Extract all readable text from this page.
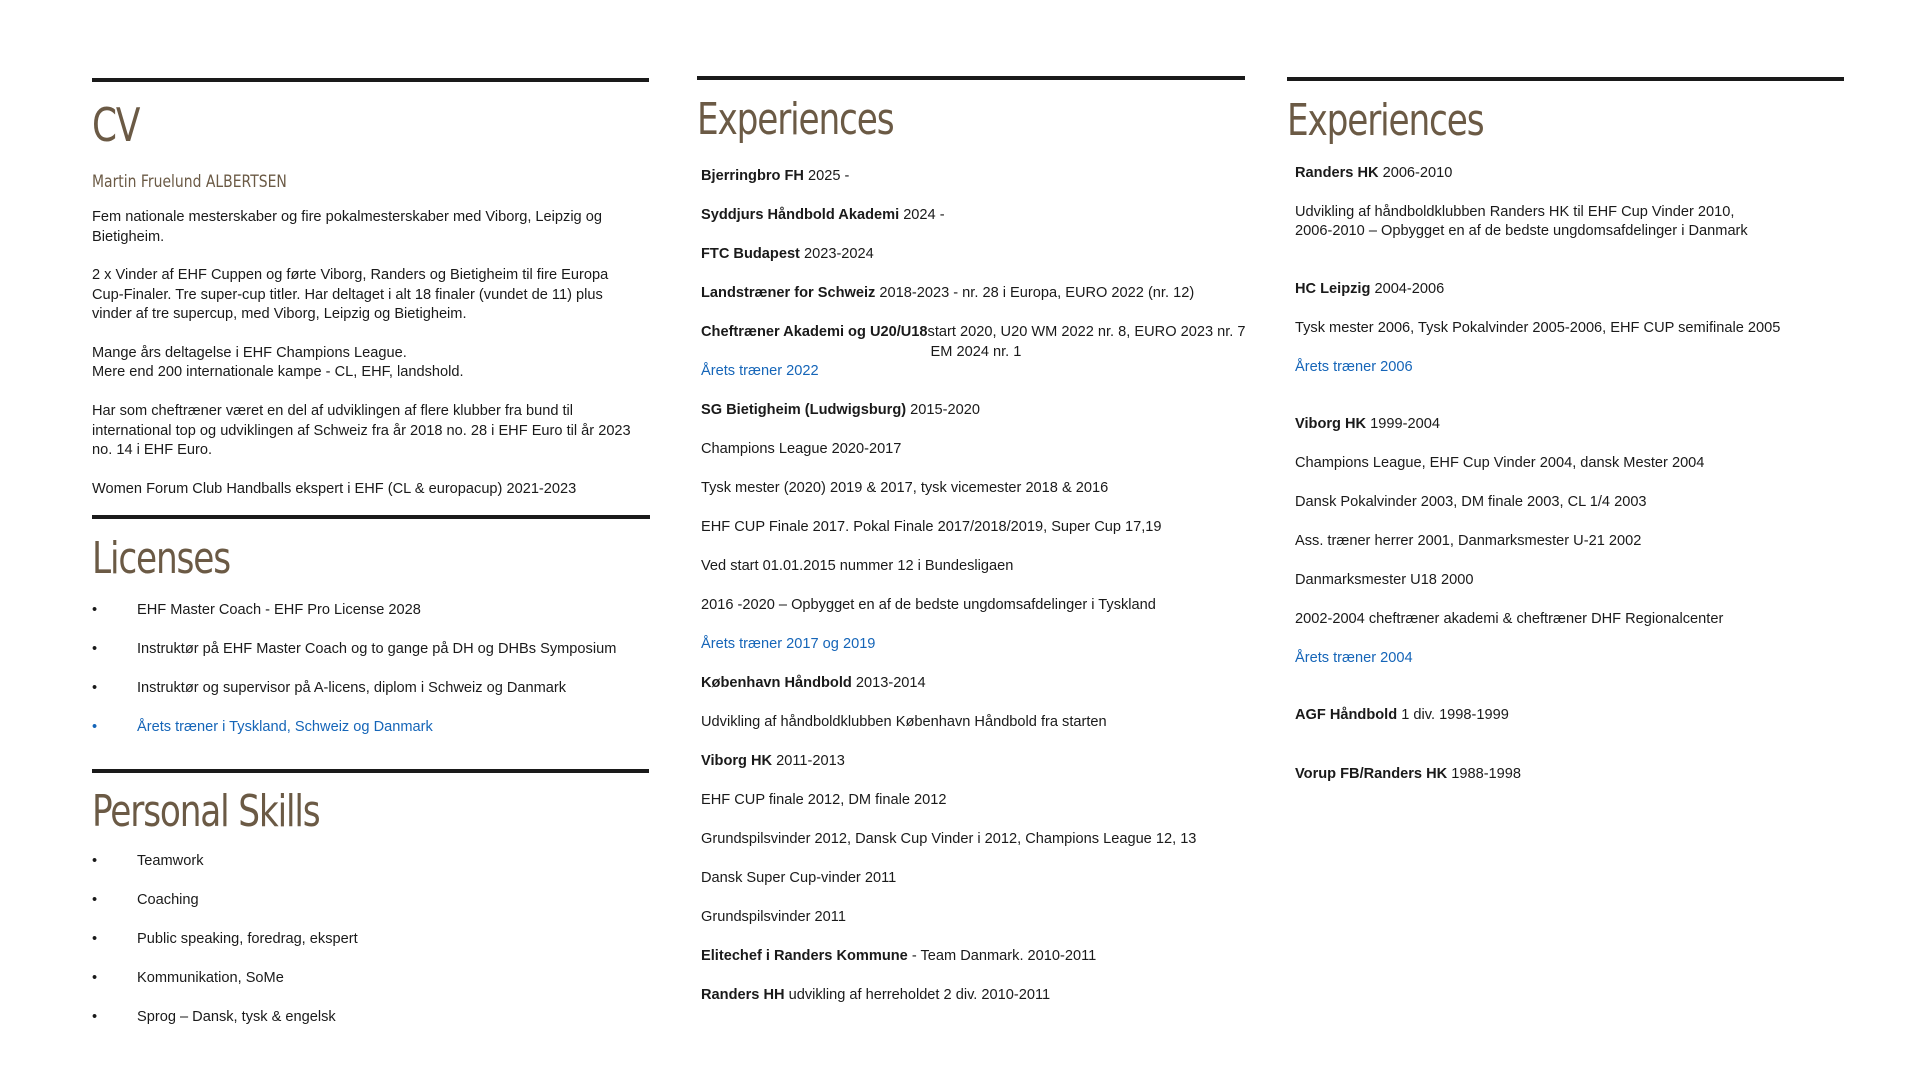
CV
Martin Fruelund ALBERTSEN

Fem nationale mesterskaber og fire pokalmesterskaber med Viborg, Leipzig og Bietigheim.

2 x Vinder af EHF Cuppen og førte Viborg, Randers og Bietigheim til fire Europa Cup-Finaler. Tre super-cup titler. Har deltaget i alt 18 finaler (vundet de 11) plus vinder af tre supercup, med Viborg, Leipzig og Bietigheim.

Mange års deltagelse i EHF Champions League.

Mere end 200 internationale kampe - CL, EHF, landshold.

Har som cheftræner været en del af udviklingen af flere klubber fra bund til international top og udviklingen af Schweiz fra år 2018 no. 28 i EHF Euro til år 2023 no. 14 i EHF Euro.

Women Forum Club Handballs ekspert i EHF (CL & europacup) 2021-2023

Licenses
•	EHF Master Coach - EHF Pro License 2028
•	Instruktør på EHF Master Coach og to gange på DH og DHBs Symposium
•	Instruktør og supervisor på A-licens, diplom i Schweiz og Danmark
•	Årets træner i Tyskland, Schweiz og Danmark
Personal Skills
•	Teamwork
•	Coaching
•	Public speaking, foredrag, ekspert
•	Kommunikation, SoMe
•	Sprog – Dansk, tysk & engelsk
Experiences
Bjerringbro FH 2025 -
Syddjurs Håndbold Akademi 2024 -
FTC Budapest 2023-2024
Landstræner for Schweiz 2018-2023 - nr. 28 i Europa, EURO 2022 (nr. 12)
Cheftræner Akademi og U20/U18start 2020, U20 WM 2022 nr. 8, EURO 2023 nr. 7
EM 2024 nr. 1
Årets træner 2022
SG Bietigheim (Ludwigsburg) 2015-2020
Champions League 2020-2017
Tysk mester (2020) 2019 & 2017, tysk vicemester 2018 & 2016
EHF CUP Finale 2017. Pokal Finale 2017/2018/2019, Super Cup 17,19
Ved start 01.01.2015 nummer 12 i Bundesligaen
2016 -2020 – Opbygget en af de bedste ungdomsafdelinger i Tyskland
Årets træner 2017 og 2019
København Håndbold 2013-2014
Udvikling af håndboldklubben København Håndbold fra starten
Viborg HK 2011-2013
EHF CUP finale 2012, DM finale 2012
Grundspilsvinder 2012, Dansk Cup Vinder i 2012, Champions League 12, 13
Dansk Super Cup-vinder 2011
Grundspilsvinder 2011
Elitechef i Randers Kommune - Team Danmark. 2010-2011
Randers HH udvikling af herreholdet 2 div. 2010-2011
Experiences
Randers HK 2006-2010
Udvikling af håndboldklubben Randers HK til EHF Cup Vinder 2010,
2006-2010 – Opbygget en af de bedste ungdomsafdelinger i Danmark
HC Leipzig 2004-2006
Tysk mester 2006, Tysk Pokalvinder 2005-2006, EHF CUP semifinale 2005
Årets træner 2006
Viborg HK 1999-2004
Champions League, EHF Cup Vinder 2004, dansk Mester 2004
Dansk Pokalvinder 2003, DM finale 2003, CL 1/4 2003
Ass. træner herrer 2001, Danmarksmester U-21 2002
Danmarksmester U18 2000
2002-2004 cheftræner akademi & cheftræner DHF Regionalcenter
Årets træner 2004
AGF Håndbold 1 div. 1998-1999
Vorup FB/Randers HK 1988-1998
